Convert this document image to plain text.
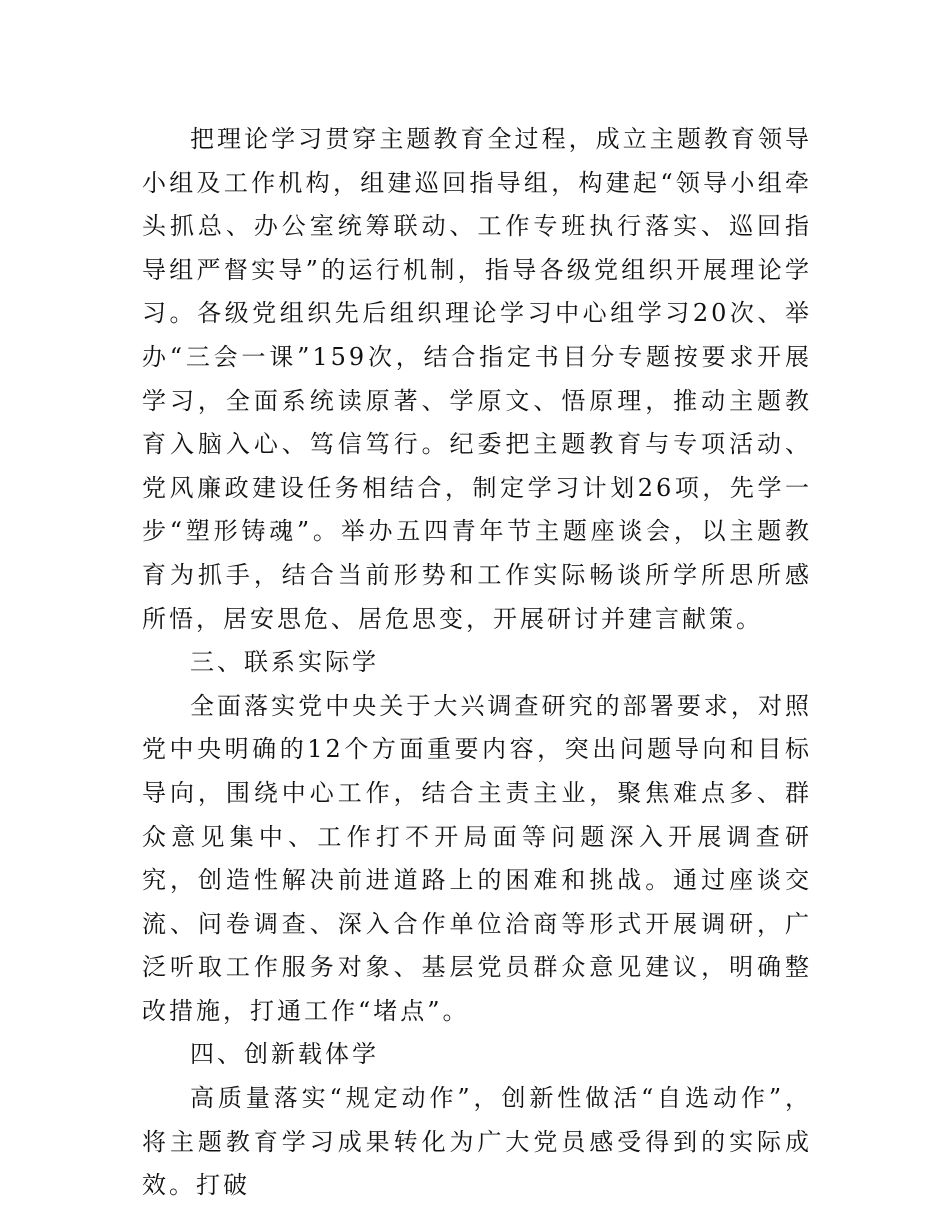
把理论学习贯穿主题教育全过程，成立主题教育领导小组及工作机构，组建巡回指导组，构建起“领导小组牵头抓总、办公室统筹联动、工作专班执行落实、巡回指导组严督实导”的运行机制，指导各级党组织开展理论学习。各级党组织先后组织理论学习中心组学习20次、举办“三会一课”159次，结合指定书目分专题按要求开展学习，全面系统读原著、学原文、悟原理，推动主题教育入脑入心、笃信笃行。纪委把主题教育与专项活动、党风廉政建设任务相结合，制定学习计划26项，先学一步“塑形铸魂”。举办五四青年节主题座谈会，以主题教育为抓手，结合当前形势和工作实际畅谈所学所思所感所悟，居安思危、居危思变，开展研讨并建言献策。

三、联系实际学

全面落实党中央关于大兴调查研究的部署要求，对照党中央明确的12个方面重要内容，突出问题导向和目标导向，围绕中心工作，结合主责主业，聚焦难点多、群众意见集中、工作打不开局面等问题深入开展调查研究，创造性解决前进道路上的困难和挑战。通过座谈交流、问卷调查、深入合作单位洽商等形式开展调研，广泛听取工作服务对象、基层党员群众意见建议，明确整改措施，打通工作“堵点”。

四、创新载体学

高质量落实“规定动作”，创新性做活“自选动作”，将主题教育学习成果转化为广大党员感受得到的实际成效。打破
